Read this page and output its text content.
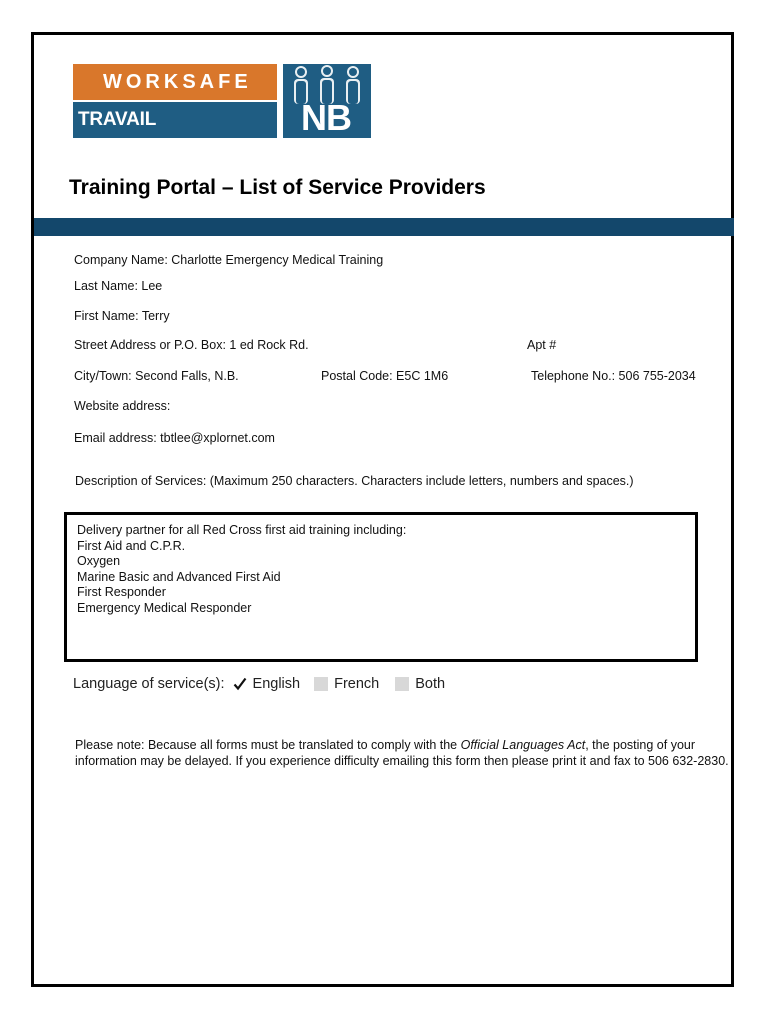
WORKSAFE
TRAVAIL SÉCURITAIRE
NB
Training Portal – List of Service Providers
Company Name: Charlotte Emergency Medical Training
Last Name: Lee
First Name: Terry
Street Address or P.O. Box: 1 ed Rock Rd.	Apt #
City/Town: Second Falls, N.B.	Postal Code: E5C 1M6	Telephone No.: 506 755-2034
Website address:
Email address: tbtlee@xplornet.com
Description of Services: (Maximum 250 characters. Characters include letters, numbers and spaces.)
Delivery partner for all Red Cross first aid training including:
First Aid and C.P.R.
Oxygen
Marine Basic and Advanced First Aid
First Responder
Emergency Medical Responder
Language of service(s): English French Both
Please note: Because all forms must be translated to comply with the Official Languages Act, the posting of your information may be delayed. If you experience difficulty emailing this form then please print it and fax to 506 632-2830.
